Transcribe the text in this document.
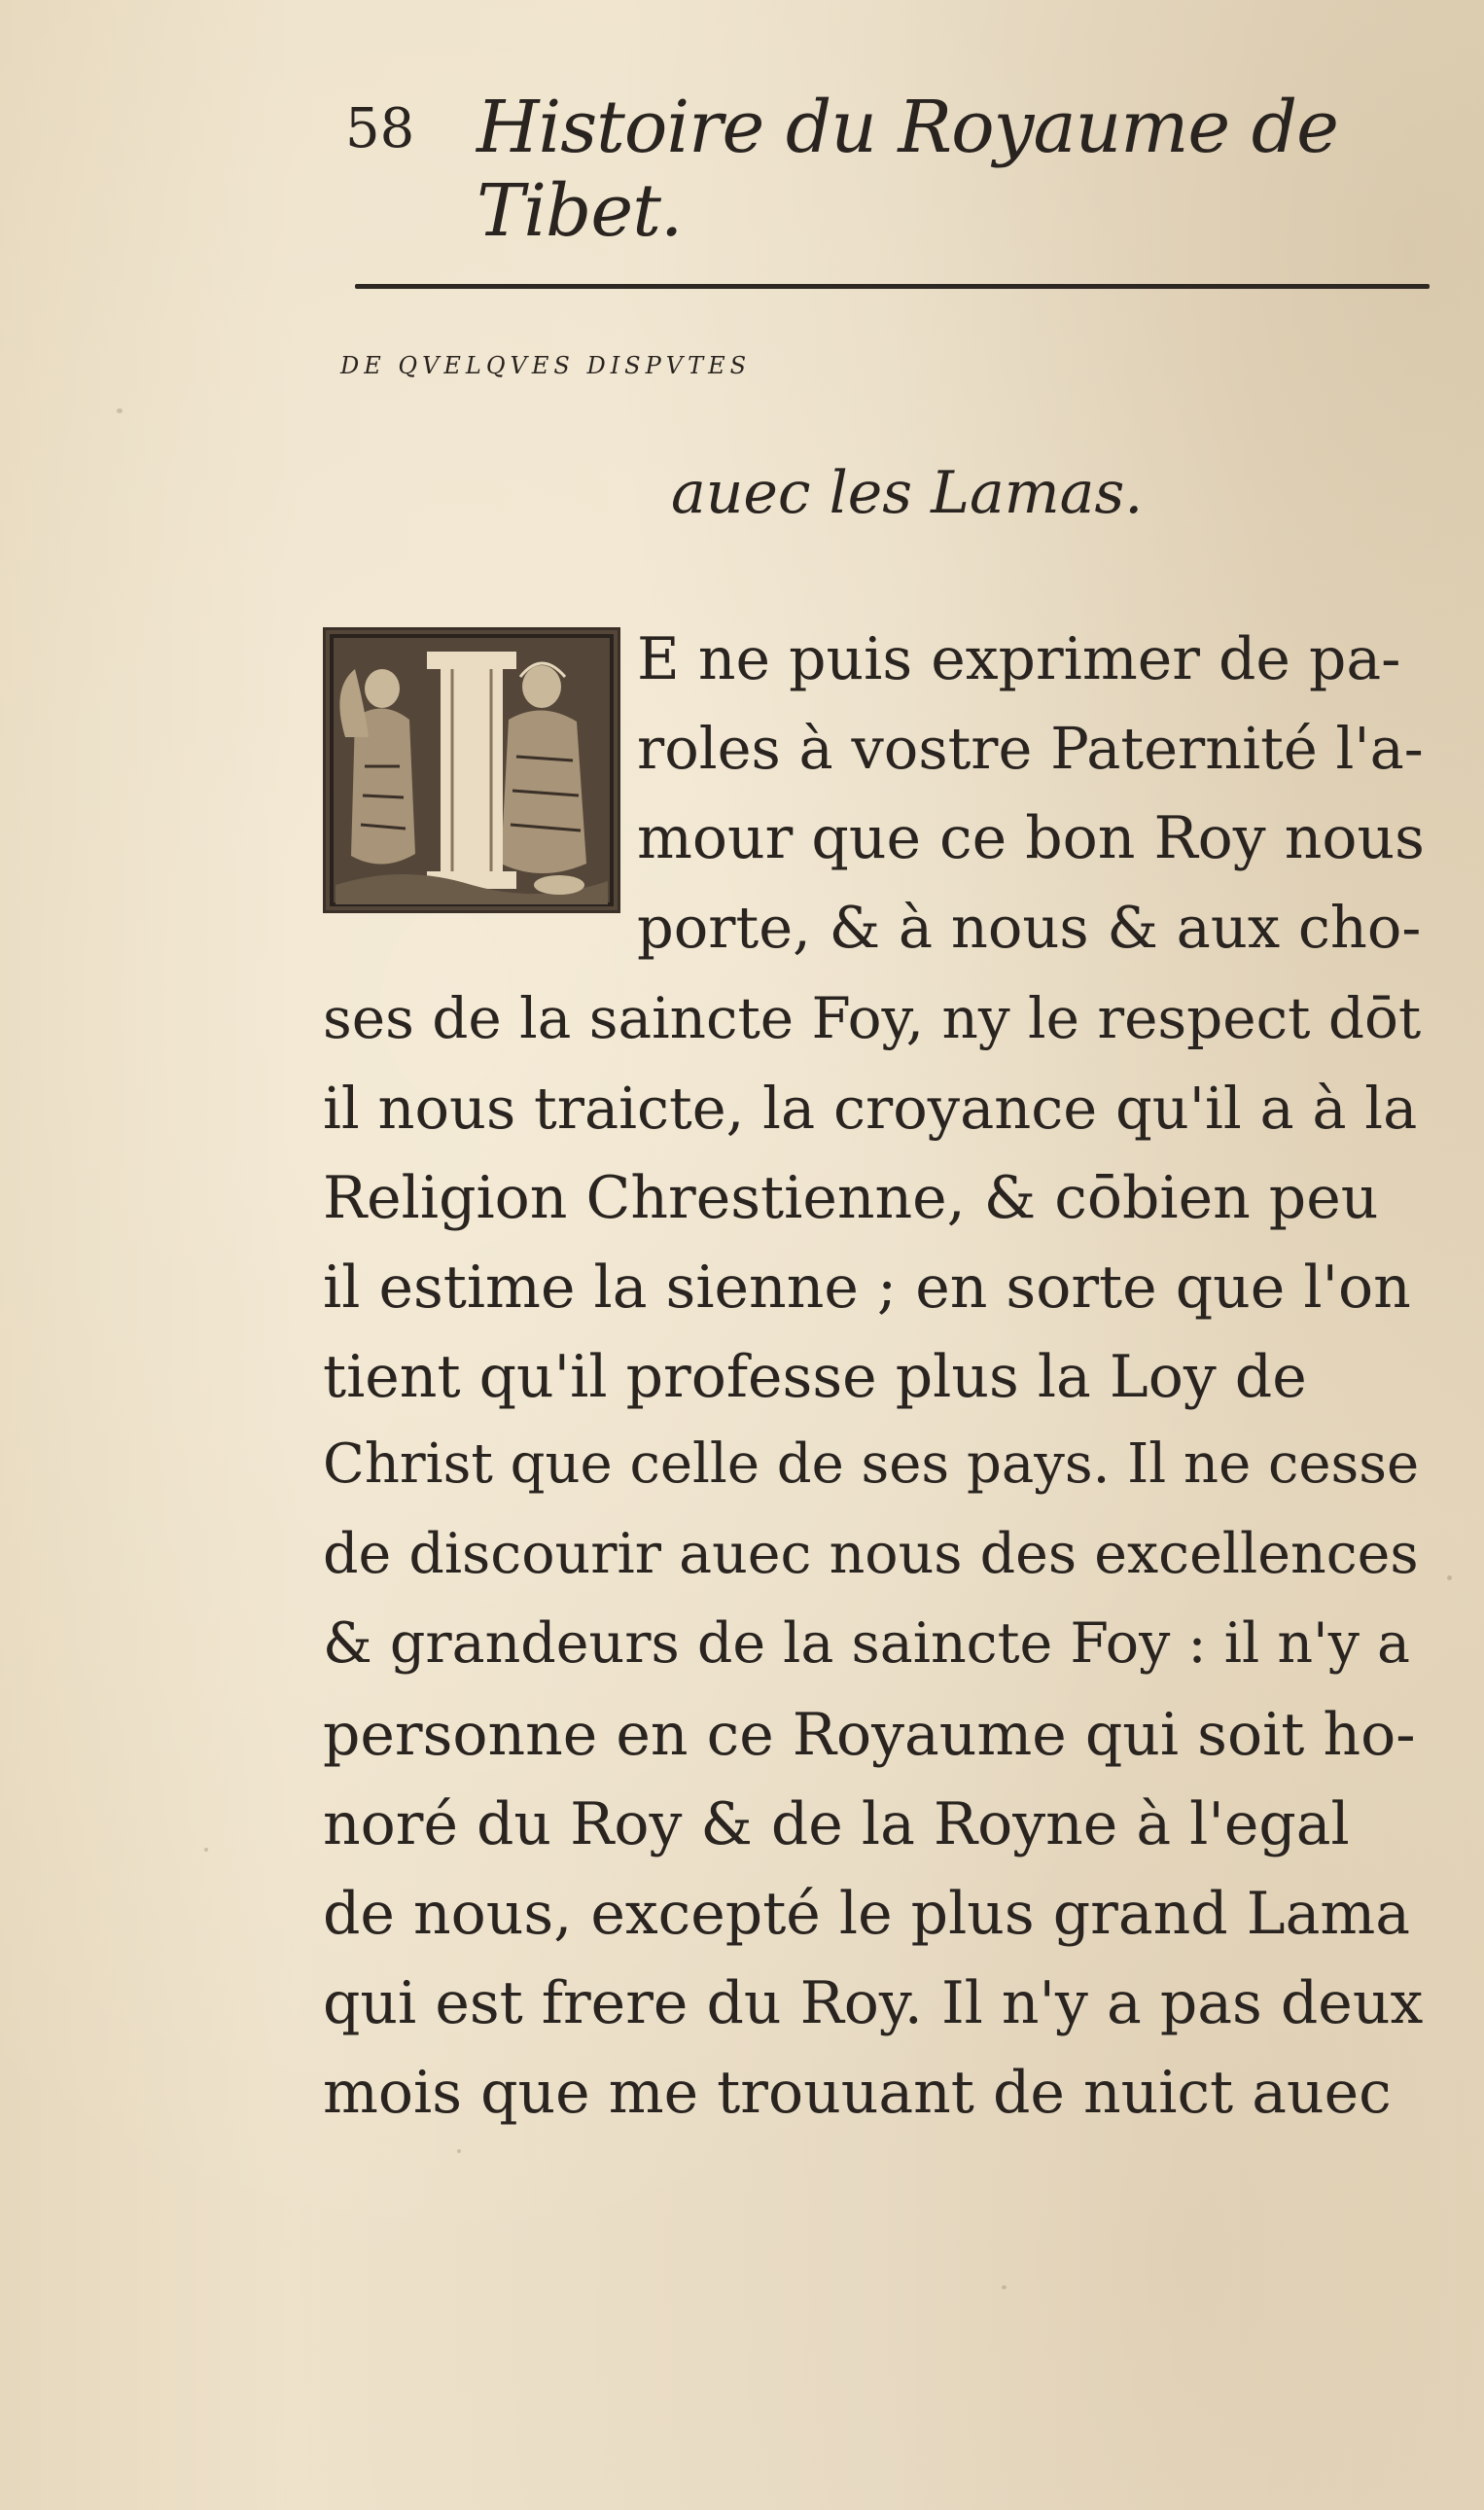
58 Histoire du Royaume de Tibet.
DE QVELQVES DISPVTES
auec les Lamas.
E ne puis exprimer de pa-
roles à vostre Paternité l'a-
mour que ce bon Roy nous
porte, & à nous & aux cho-
ses de la saincte Foy, ny le respect dōt
il nous traicte, la croyance qu'il a à la
Religion Chrestienne, & cōbien peu
il estime la sienne ; en sorte que l'on
tient qu'il professe plus la Loy de
Christ que celle de ses pays. Il ne cesse
de discourir auec nous des excellences
& grandeurs de la saincte Foy : il n'y a
personne en ce Royaume qui soit ho-
noré du Roy & de la Royne à l'egal
de nous, excepté le plus grand Lama
qui est frere du Roy. Il n'y a pas deux
mois que me trouuant de nuict auec
